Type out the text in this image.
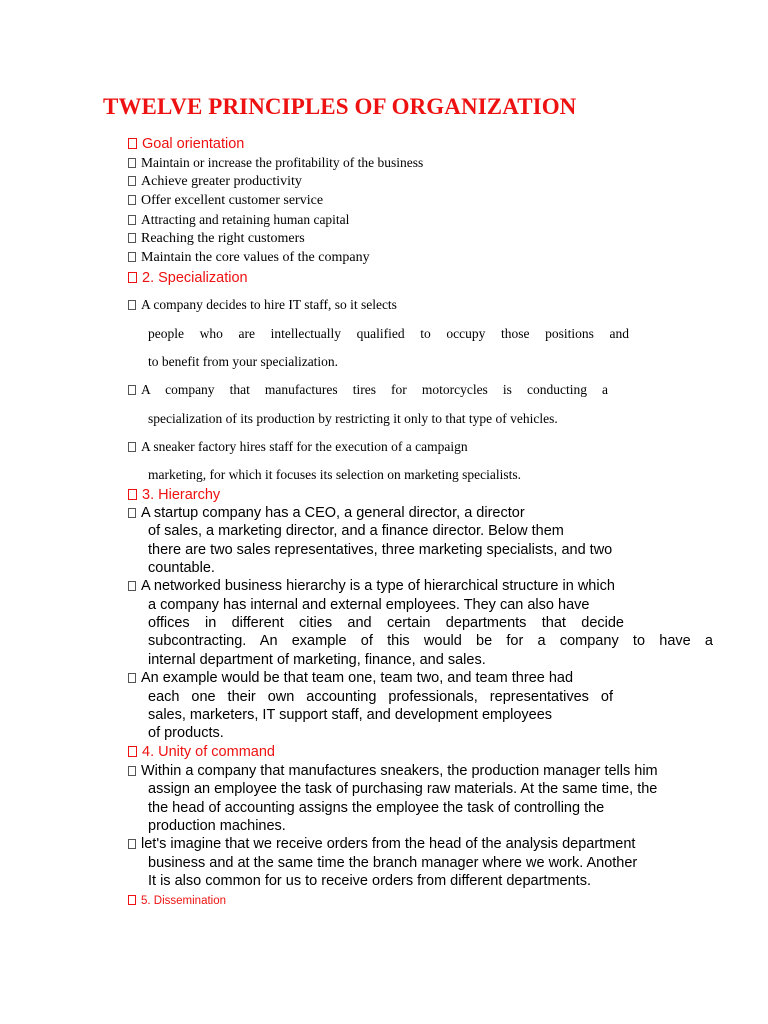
TWELVE PRINCIPLES OF ORGANIZATION
Goal orientation
Maintain or increase the profitability of the business
Achieve greater productivity
Offer excellent customer service
Attracting and retaining human capital
Reaching the right customers
Maintain the core values of the company
2. Specialization
A company decides to hire IT staff, so it selects
people who are intellectually qualified to occupy those positions and
to benefit from your specialization.
A company that manufactures tires for motorcycles is conducting a
specialization of its production by restricting it only to that type of vehicles.
A sneaker factory hires staff for the execution of a campaign
marketing, for which it focuses its selection on marketing specialists.
3. Hierarchy
A startup company has a CEO, a general director, a director
of sales, a marketing director, and a finance director. Below them
there are two sales representatives, three marketing specialists, and two
countable.
A networked business hierarchy is a type of hierarchical structure in which
a company has internal and external employees. They can also have
offices in different cities and certain departments that decide
subcontracting. An example of this would be for a company to have a
internal department of marketing, finance, and sales.
An example would be that team one, team two, and team three had
each one their own accounting professionals, representatives of
sales, marketers, IT support staff, and development employees
of products.
4. Unity of command
Within a company that manufactures sneakers, the production manager tells him
assign an employee the task of purchasing raw materials. At the same time, the
the head of accounting assigns the employee the task of controlling the
production machines.
let's imagine that we receive orders from the head of the analysis department
business and at the same time the branch manager where we work. Another
It is also common for us to receive orders from different departments.
5. Dissemination
